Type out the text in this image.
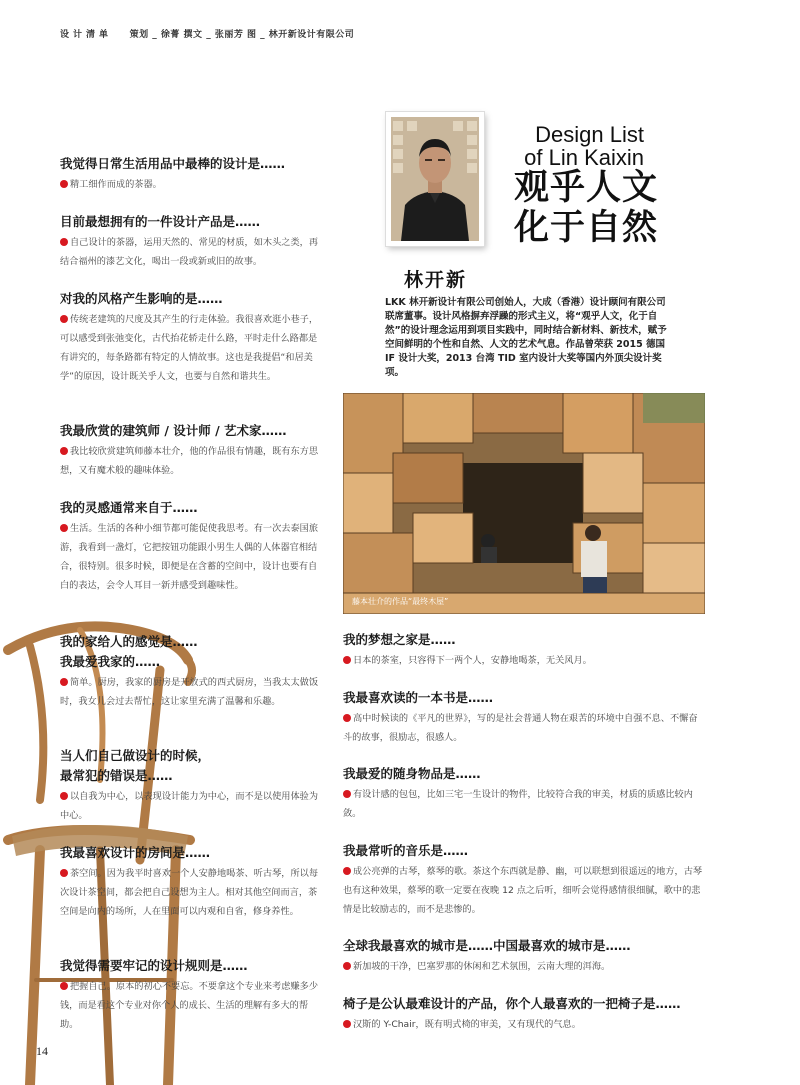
设计清单 策划 _ 徐菁 撰文 _ 张丽芳 图 _ 林开新设计有限公司
Design List
of Lin Kaixin
观乎人文
化于自然
林开新
LKK 林开新设计有限公司创始人，大成（香港）设计顾问有限公司联席董事。设计风格摒弃浮躁的形式主义，将“观乎人文，化于自然”的设计理念运用到项目实践中，同时结合新材料、新技术，赋予空间鲜明的个性和自然、人文的艺术气息。作品曾荣获 2015 德国 IF 设计大奖，2013 台湾 TID 室内设计大奖等国内外顶尖设计奖项。
藤本壮介的作品“最终木屋”
我觉得日常生活用品中最棒的设计是……
精工细作而成的茶器。
目前最想拥有的一件设计产品是……
自己设计的茶器，运用天然的、常见的材质，如木头之类，再结合福州的漆艺文化，喝出一段或新或旧的故事。
对我的风格产生影响的是……
传统老建筑的尺度及其产生的行走体验。我很喜欢逛小巷子，可以感受到张弛变化，古代抬花轿走什么路，平时走什么路都是有讲究的，每条路都有特定的人情故事。这也是我提倡“和居美学”的原因，设计既关乎人文，也要与自然和谐共生。
我最欣赏的建筑师 / 设计师 / 艺术家……
我比较欣赏建筑师藤本壮介，他的作品很有情趣，既有东方思想，又有魔术般的趣味体验。
我的灵感通常来自于……
生活。生活的各种小细节都可能促使我思考。有一次去泰国旅游，我看到一盏灯，它把按钮功能跟小男生人偶的人体器官相结合，很特别。很多时候，即便是在含蓄的空间中，设计也要有自白的表达，会令人耳目一新并感受到趣味性。
我的家给人的感觉是……
我最爱我家的……
简单。厨房，我家的厨房是开放式的西式厨房，当我太太做饭时，我女儿会过去帮忙，这让家里充满了温馨和乐趣。
当人们自己做设计的时候，
最常犯的错误是……
以自我为中心，以表现设计能力为中心，而不是以使用体验为中心。
我最喜欢设计的房间是……
茶空间。因为我平时喜欢一个人安静地喝茶、听古琴，所以每次设计茶空间，都会把自己设想为主人。相对其他空间而言，茶空间是向内的场所，人在里面可以内观和自省，修身养性。
我觉得需要牢记的设计规则是……
把握自己。原本的初心不要忘。不要拿这个专业来考虑赚多少钱，而是看这个专业对你个人的成长、生活的理解有多大的帮助。
我的梦想之家是……
日本的茶室，只容得下一两个人，安静地喝茶，无关风月。
我最喜欢读的一本书是……
高中时候读的《平凡的世界》，写的是社会普通人物在艰苦的环境中自强不息、不懈奋斗的故事，很励志，很感人。
我最爱的随身物品是……
有设计感的包包，比如三宅一生设计的物件，比较符合我的审美，材质的质感比较内敛。
我最常听的音乐是……
成公亮弹的古琴，蔡琴的歌。茶这个东西就是静、幽，可以联想到很遥远的地方，古琴也有这种效果，蔡琴的歌一定要在夜晚 12 点之后听，细听会觉得感情很细腻，歌中的悲情是比较励志的，而不是悲惨的。
全球我最喜欢的城市是……中国最喜欢的城市是……
新加坡的干净，巴塞罗那的休闲和艺术氛围，云南大理的洱海。
椅子是公认最难设计的产品，你个人最喜欢的一把椅子是……
汉斯的 Y-Chair，既有明式椅的审美，又有现代的气息。
14
